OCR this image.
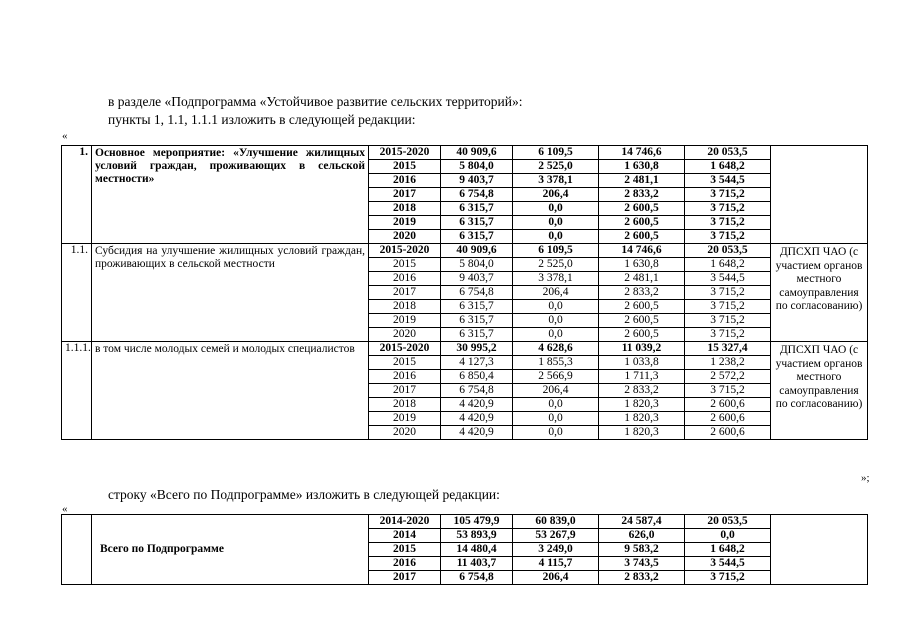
в разделе «Подпрограмма «Устойчивое развитие сельских территорий»:
пункты 1, 1.1, 1.1.1 изложить в следующей редакции:
«
1.	Основное мероприятие: «Улучшение жилищных условий граждан, проживающих в сельской местности»	2015-2020	40 909,6	6 109,5	14 746,6	20 053,5	
		2015	5 804,0	2 525,0	1 630,8	1 648,2	
		2016	9 403,7	3 378,1	2 481,1	3 544,5	
		2017	6 754,8	206,4	2 833,2	3 715,2	
		2018	6 315,7	0,0	2 600,5	3 715,2	
		2019	6 315,7	0,0	2 600,5	3 715,2	
		2020	6 315,7	0,0	2 600,5	3 715,2	
1.1.	Субсидия на улучшение жилищных условий граждан, проживающих в сельской местности	2015-2020	40 909,6	6 109,5	14 746,6	20 053,5	ДПСХП ЧАО (с участием органов местного самоуправления по согласованию)
		2015	5 804,0	2 525,0	1 630,8	1 648,2	
		2016	9 403,7	3 378,1	2 481,1	3 544,5	
		2017	6 754,8	206,4	2 833,2	3 715,2	
		2018	6 315,7	0,0	2 600,5	3 715,2	
		2019	6 315,7	0,0	2 600,5	3 715,2	
		2020	6 315,7	0,0	2 600,5	3 715,2	
1.1.1.	в том числе молодых семей и молодых специалистов	2015-2020	30 995,2	4 628,6	11 039,2	15 327,4	ДПСХП ЧАО (с участием органов местного самоуправления по согласованию)
		2015	4 127,3	1 855,3	1 033,8	1 238,2	
		2016	6 850,4	2 566,9	1 711,3	2 572,2	
		2017	6 754,8	206,4	2 833,2	3 715,2	
		2018	4 420,9	0,0	1 820,3	2 600,6	
		2019	4 420,9	0,0	1 820,3	2 600,6	
		2020	4 420,9	0,0	1 820,3	2 600,6	
»;
строку «Всего по Подпрограмме» изложить в следующей редакции:
«
	Всего по Подпрограмме	2014-2020	105 479,9	60 839,0	24 587,4	20 053,5	
		2014	53 893,9	53 267,9	626,0	0,0	
		2015	14 480,4	3 249,0	9 583,2	1 648,2	
		2016	11 403,7	4 115,7	3 743,5	3 544,5	
		2017	6 754,8	206,4	2 833,2	3 715,2	
